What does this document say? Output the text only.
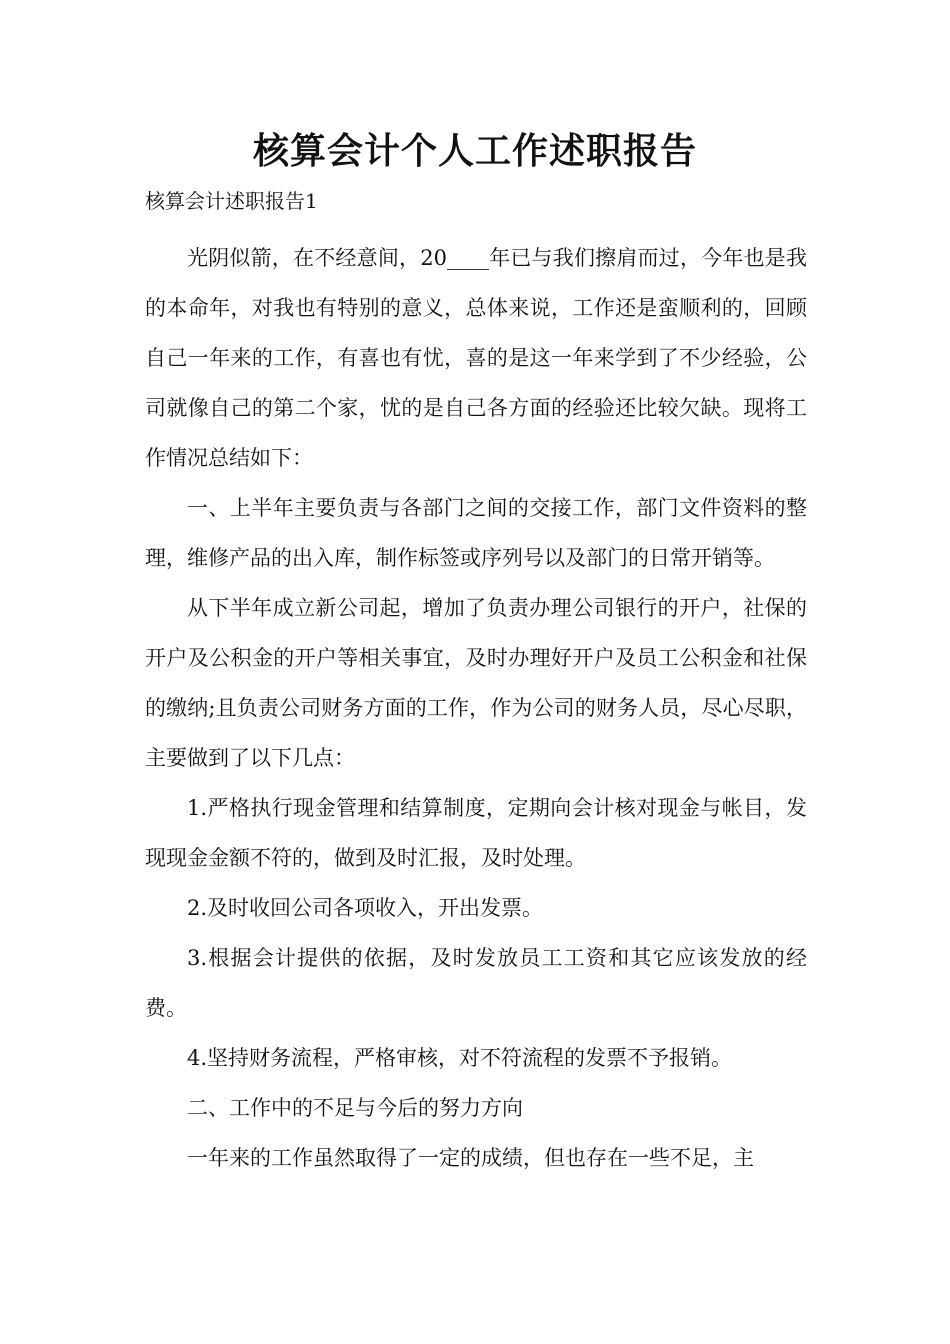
核算会计个人工作述职报告
核算会计述职报告1

光阴似箭，在不经意间，20____年已与我们擦肩而过，今年也是我的本命年，对我也有特别的意义，总体来说，工作还是蛮顺利的，回顾自己一年来的工作，有喜也有忧，喜的是这一年来学到了不少经验，公司就像自己的第二个家，忧的是自己各方面的经验还比较欠缺。现将工作情况总结如下：

一、上半年主要负责与各部门之间的交接工作，部门文件资料的整理，维修产品的出入库，制作标签或序列号以及部门的日常开销等。

从下半年成立新公司起，增加了负责办理公司银行的开户，社保的开户及公积金的开户等相关事宜，及时办理好开户及员工公积金和社保的缴纳;且负责公司财务方面的工作，作为公司的财务人员，尽心尽职，主要做到了以下几点：

1.严格执行现金管理和结算制度，定期向会计核对现金与帐目，发现现金金额不符的，做到及时汇报，及时处理。

2.及时收回公司各项收入，开出发票。

3.根据会计提供的依据，及时发放员工工资和其它应该发放的经费。

4.坚持财务流程，严格审核，对不符流程的发票不予报销。

二、工作中的不足与今后的努力方向

一年来的工作虽然取得了一定的成绩，但也存在一些不足，主
